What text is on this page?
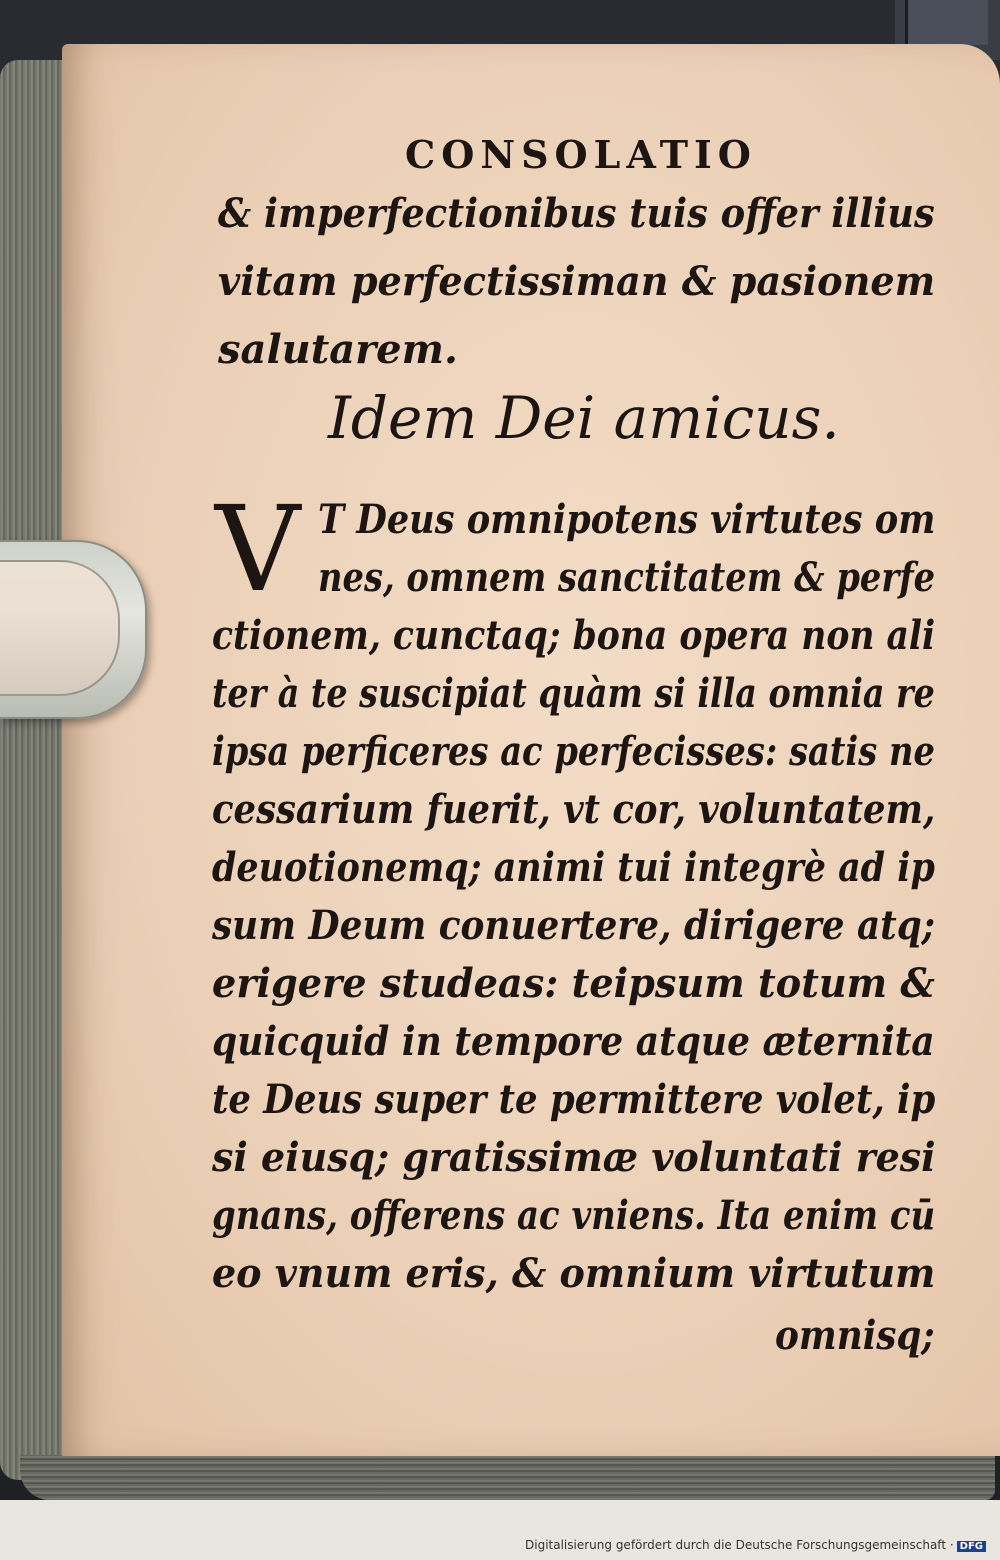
CONSOLATIO
& imperfectionibus tuis offer illius
vitam perfectissiman & pasionem
salutarem.
Idem Dei amicus.
V T Deus omnipotens virtutes om
nes, omnem sanctitatem & perfe
ctionem, cunctaq; bona opera non ali
ter à te suscipiat quàm si illa omnia re
ipsa perficeres ac perfecisses: satis ne
cessarium fuerit, vt cor, voluntatem,
deuotionemq; animi tui integrè ad ip
sum Deum conuertere, dirigere atq;
erigere studeas: teipsum totum &
quicquid in tempore atque æternita
te Deus super te permittere volet, ip
si eiusq; gratissimæ voluntati resi
gnans, offerens ac vniens. Ita enim cū
eo vnum eris, & omnium virtutum
omnisq;
Digitalisierung gefördert durch die Deutsche Forschungsgemeinschaft · DFG
